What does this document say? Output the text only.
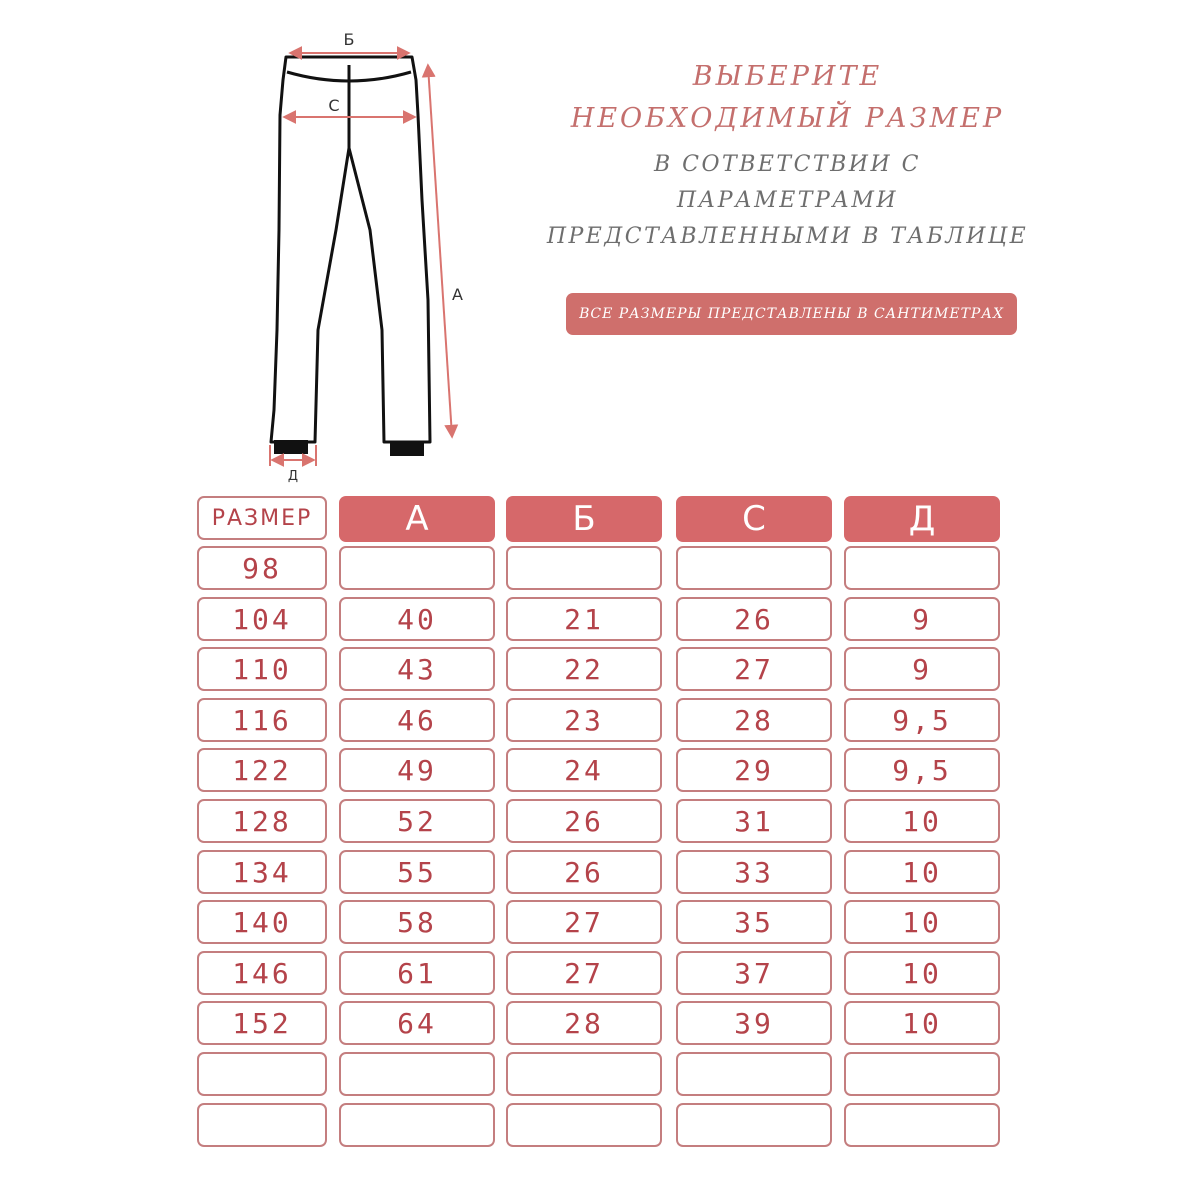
Б
С
А
Д

ВЫБЕРИТЕ

НЕОБХОДИМЫЙ РАЗМЕР

В СОТВЕТСТВИИ С ПАРАМЕТРАМИ

ПРЕДСТАВЛЕННЫМИ В ТАБЛИЦЕ

ВСЕ РАЗМЕРЫ ПРЕДСТАВЛЕНЫ В САНТИМЕТРАХ
РАЗМЕР	А	Б	С	Д
98
104	40	21	26	9
110	43	22	27	9
116	46	23	28	9,5
122	49	24	29	9,5
128	52	26	31	10
134	55	26	33	10
140	58	27	35	10
146	61	27	37	10
152	64	28	39	10
